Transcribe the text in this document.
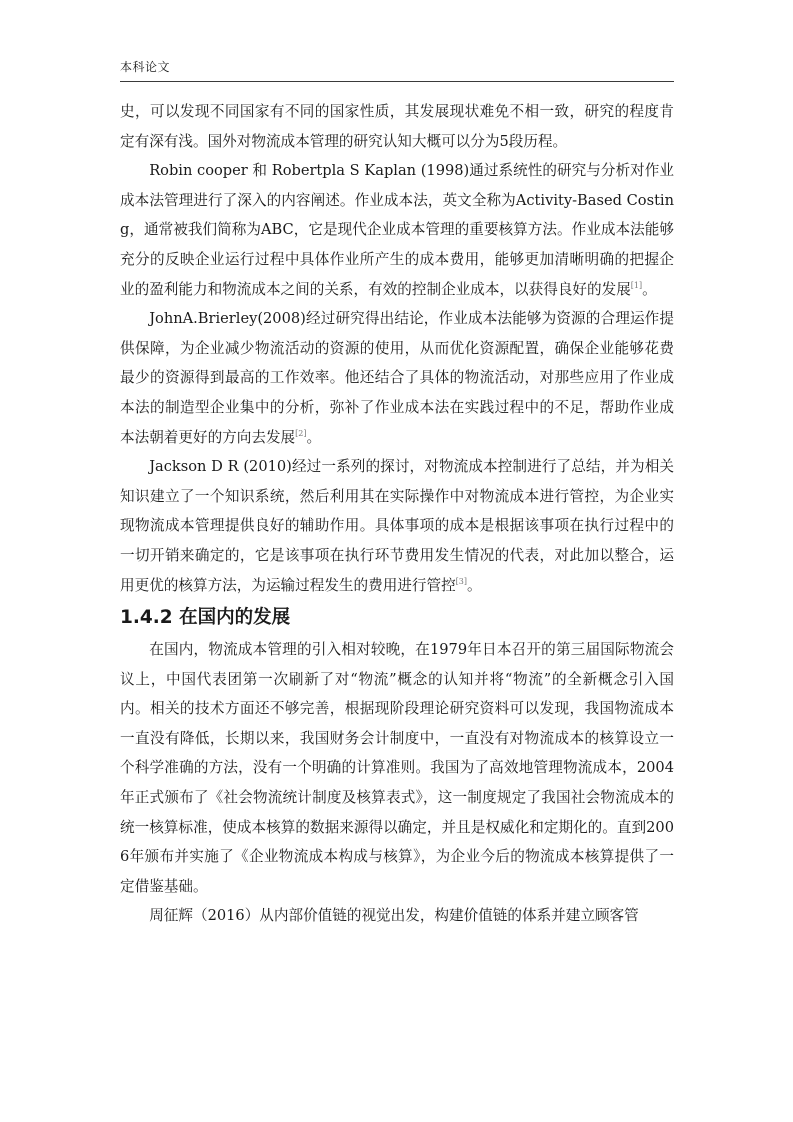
本科论文

史，可以发现不同国家有不同的国家性质，其发展现状难免不相一致，研究的程度肯定有深有浅。国外对物流成本管理的研究认知大概可以分为5段历程。

Robin cooper 和 Robertpla S Kaplan (1998)通过系统性的研究与分析对作业成本法管理进行了深入的内容阐述。作业成本法，英文全称为Activity-Based Costing，通常被我们简称为ABC，它是现代企业成本管理的重要核算方法。作业成本法能够充分的反映企业运行过程中具体作业所产生的成本费用，能够更加清晰明确的把握企业的盈利能力和物流成本之间的关系，有效的控制企业成本，以获得良好的发展[1]。

JohnA.Brierley(2008)经过研究得出结论，作业成本法能够为资源的合理运作提供保障，为企业减少物流活动的资源的使用，从而优化资源配置，确保企业能够花费最少的资源得到最高的工作效率。他还结合了具体的物流活动，对那些应用了作业成本法的制造型企业集中的分析，弥补了作业成本法在实践过程中的不足，帮助作业成本法朝着更好的方向去发展[2]。

Jackson D R (2010)经过一系列的探讨，对物流成本控制进行了总结，并为相关知识建立了一个知识系统，然后利用其在实际操作中对物流成本进行管控，为企业实现物流成本管理提供良好的辅助作用。具体事项的成本是根据该事项在执行过程中的一切开销来确定的，它是该事项在执行环节费用发生情况的代表，对此加以整合，运用更优的核算方法，为运输过程发生的费用进行管控[3]。

1.4.2 在国内的发展

在国内，物流成本管理的引入相对较晚，在1979年日本召开的第三届国际物流会议上，中国代表团第一次刷新了对“物流”概念的认知并将“物流”的全新概念引入国内。相关的技术方面还不够完善，根据现阶段理论研究资料可以发现，我国物流成本一直没有降低，长期以来，我国财务会计制度中，一直没有对物流成本的核算设立一个科学准确的方法，没有一个明确的计算准则。我国为了高效地管理物流成本，2004年正式颁布了《社会物流统计制度及核算表式》，这一制度规定了我国社会物流成本的统一核算标准，使成本核算的数据来源得以确定，并且是权威化和定期化的。直到2006年颁布并实施了《企业物流成本构成与核算》，为企业今后的物流成本核算提供了一定借鉴基础。

周征辉（2016）从内部价值链的视觉出发，构建价值链的体系并建立顾客管
